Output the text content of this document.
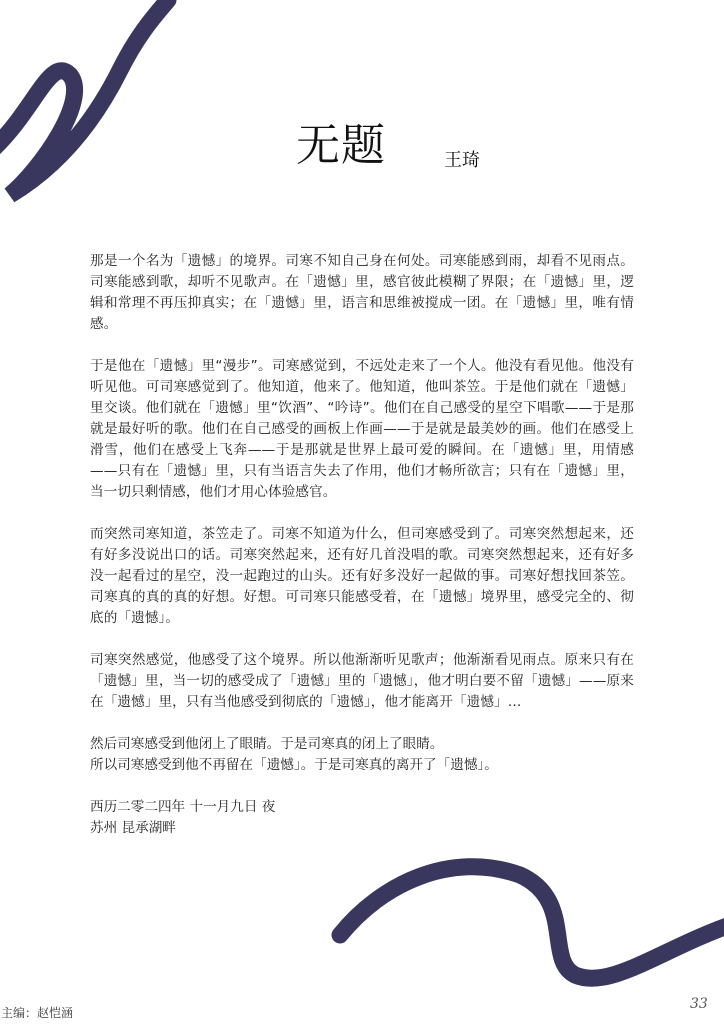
无题	王琦

那是一个名为「遗憾」的境界。司寒不知自己身在何处。司寒能感到雨，却看不见雨点。司寒能感到歌，却听不见歌声。在「遗憾」里，感官彼此模糊了界限；在「遗憾」里，逻辑和常理不再压抑真实；在「遗憾」里，语言和思维被搅成一团。在「遗憾」里，唯有情感。

于是他在「遗憾」里“漫步”。司寒感觉到，不远处走来了一个人。他没有看见他。他没有听见他。可司寒感觉到了。他知道，他来了。他知道，他叫茶笠。于是他们就在「遗憾」里交谈。他们就在「遗憾」里“饮酒”、“吟诗”。他们在自己感受的星空下唱歌——于是那就是最好听的歌。他们在自己感受的画板上作画——于是就是最美妙的画。他们在感受上滑雪，他们在感受上飞奔——于是那就是世界上最可爱的瞬间。在「遗憾」里，用情感——只有在「遗憾」里，只有当语言失去了作用，他们才畅所欲言；只有在「遗憾」里，当一切只剩情感，他们才用心体验感官。

而突然司寒知道，茶笠走了。司寒不知道为什么，但司寒感受到了。司寒突然想起来，还有好多没说出口的话。司寒突然起来，还有好几首没唱的歌。司寒突然想起来，还有好多没一起看过的星空，没一起跑过的山头。还有好多没好一起做的事。司寒好想找回茶笠。司寒真的真的真的好想。好想。可司寒只能感受着，在「遗憾」境界里，感受完全的、彻底的「遗憾」。

司寒突然感觉，他感受了这个境界。所以他渐渐听见歌声；他渐渐看见雨点。原来只有在「遗憾」里，当一切的感受成了「遗憾」里的「遗憾」，他才明白要不留「遗憾」——原来在「遗憾」里，只有当他感受到彻底的「遗憾」，他才能离开「遗憾」…

然后司寒感受到他闭上了眼睛。于是司寒真的闭上了眼睛。
所以司寒感受到他不再留在「遗憾」。于是司寒真的离开了「遗憾」。
西历二零二四年 十一月九日 夜
苏州 昆承湖畔
主编：赵恺涵
33
